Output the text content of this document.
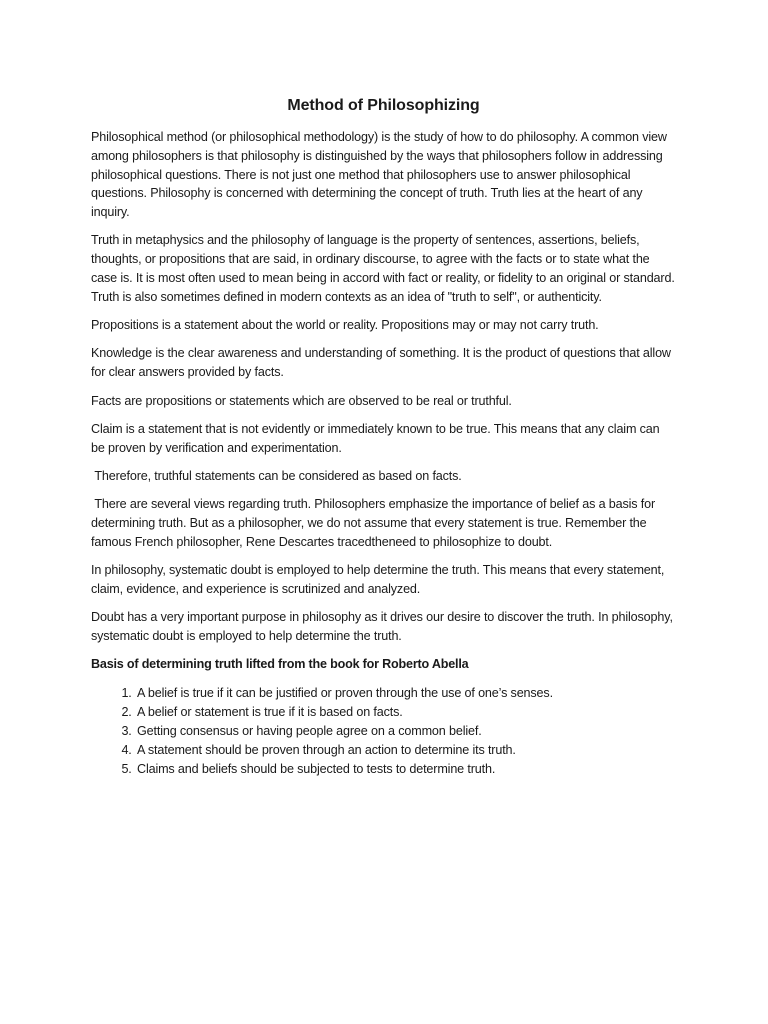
Method of Philosophizing

Philosophical method (or philosophical methodology) is the study of how to do philosophy. A common view among philosophers is that philosophy is distinguished by the ways that philosophers follow in addressing philosophical questions. There is not just one method that philosophers use to answer philosophical questions. Philosophy is concerned with determining the concept of truth. Truth lies at the heart of any inquiry.

Truth in metaphysics and the philosophy of language is the property of sentences, assertions, beliefs, thoughts, or propositions that are said, in ordinary discourse, to agree with the facts or to state what the case is. It is most often used to mean being in accord with fact or reality, or fidelity to an original or standard. Truth is also sometimes defined in modern contexts as an idea of "truth to self", or authenticity.

Propositions is a statement about the world or reality. Propositions may or may not carry truth.

Knowledge is the clear awareness and understanding of something. It is the product of questions that allow for clear answers provided by facts.

Facts are propositions or statements which are observed to be real or truthful.

Claim is a statement that is not evidently or immediately known to be true. This means that any claim can be proven by verification and experimentation.

Therefore, truthful statements can be considered as based on facts.

There are several views regarding truth. Philosophers emphasize the importance of belief as a basis for determining truth. But as a philosopher, we do not assume that every statement is true. Remember the famous French philosopher, Rene Descartes tracedtheneed to philosophize to doubt.

In philosophy, systematic doubt is employed to help determine the truth. This means that every statement, claim, evidence, and experience is scrutinized and analyzed.

Doubt has a very important purpose in philosophy as it drives our desire to discover the truth. In philosophy, systematic doubt is employed to help determine the truth.

Basis of determining truth lifted from the book for Roberto Abella

1. A belief is true if it can be justified or proven through the use of one’s senses.
2. A belief or statement is true if it is based on facts.
3. Getting consensus or having people agree on a common belief.
4. A statement should be proven through an action to determine its truth.
5. Claims and beliefs should be subjected to tests to determine truth.
